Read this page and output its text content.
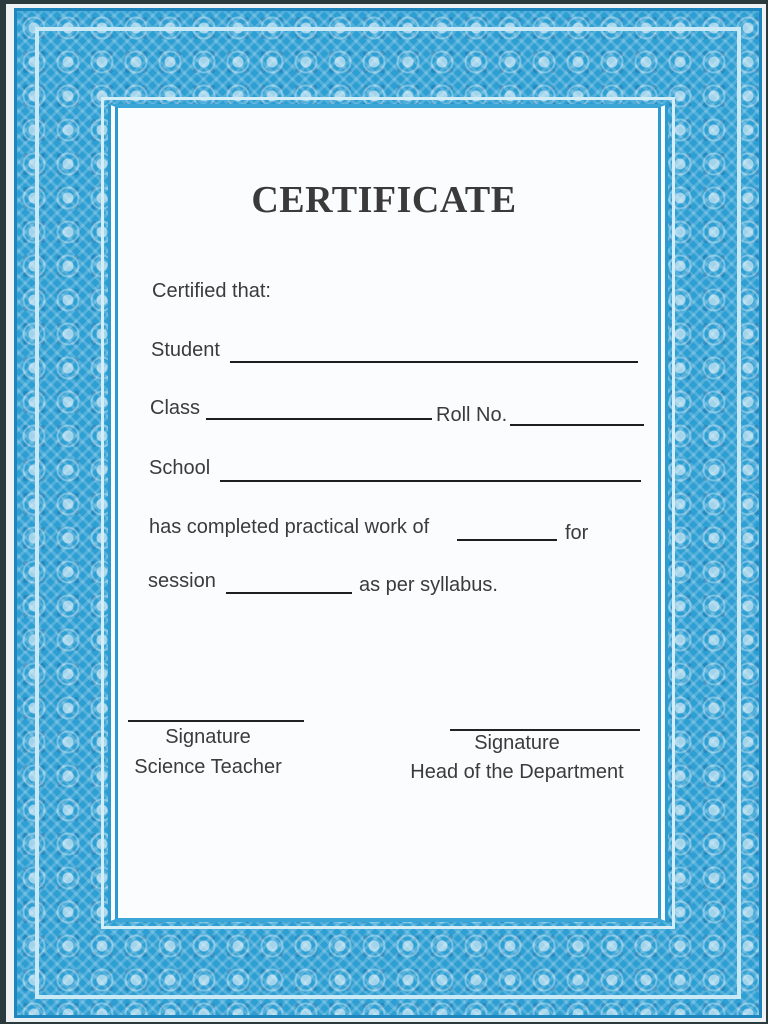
CERTIFICATE
Certified that:
Student
Class	Roll No.
School
has completed practical work of	for
session	as per syllabus.
Signature
Science Teacher
Signature
Head of the Department
